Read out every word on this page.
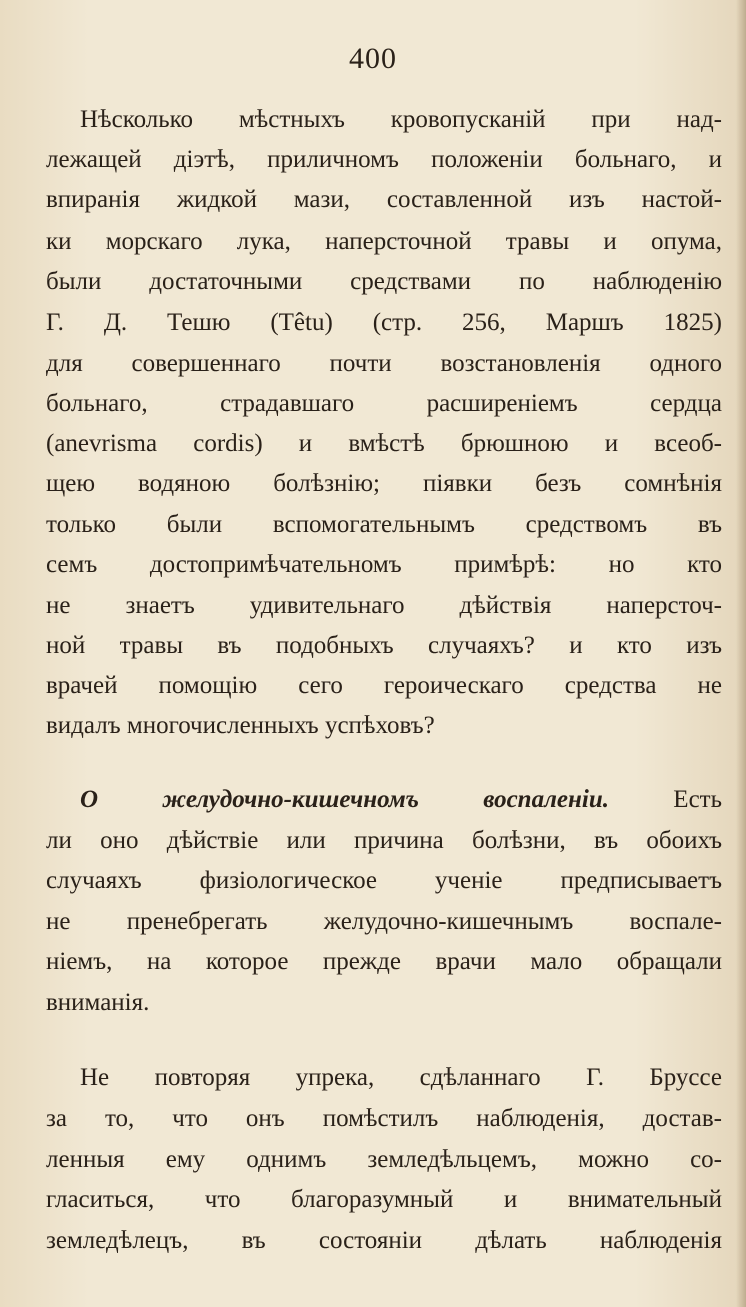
400
Нѣсколько мѣстныхъ кровопусканій при над-
лежащей діэтѣ, приличномъ положеніи больнаго, и
впиранія жидкой мази, составленной изъ настой-
ки морскаго лука, наперсточной травы и опума,
были достаточными средствами по наблюденію
Г. Д. Тешю (Têtu) (стр. 256, Маршъ 1825)
для совершеннаго почти возстановленія одного
больнаго, страдавшаго расширеніемъ сердца
(anevrisma cordis) и вмѣстѣ брюшною и всеоб-
щею водяною болѣзнію; піявки безъ сомнѣнія
только были вспомогательнымъ средствомъ въ
семъ достопримѣчательномъ примѣрѣ: но кто
не знаетъ удивительнаго дѣйствія наперсточ-
ной травы въ подобныхъ случаяхъ? и кто изъ
врачей помощію сего героическаго средства не
видалъ многочисленныхъ успѣховъ?
О желудочно-кишечномъ воспаленіи.	Есть
ли оно дѣйствіе или причина болѣзни, въ обоихъ
случаяхъ физіологическое ученіе предписываетъ
не пренебрегать желудочно-кишечнымъ воспале-
ніемъ, на которое прежде врачи мало обращали
вниманія.
Не повторяя упрека, сдѣланнаго Г. Бруссе
за то, что онъ помѣстилъ наблюденія, достав-
ленныя ему однимъ земледѣльцемъ, можно со-
гласиться, что благоразумный и внимательный
земледѣлецъ, въ состояніи дѣлать наблюденія
